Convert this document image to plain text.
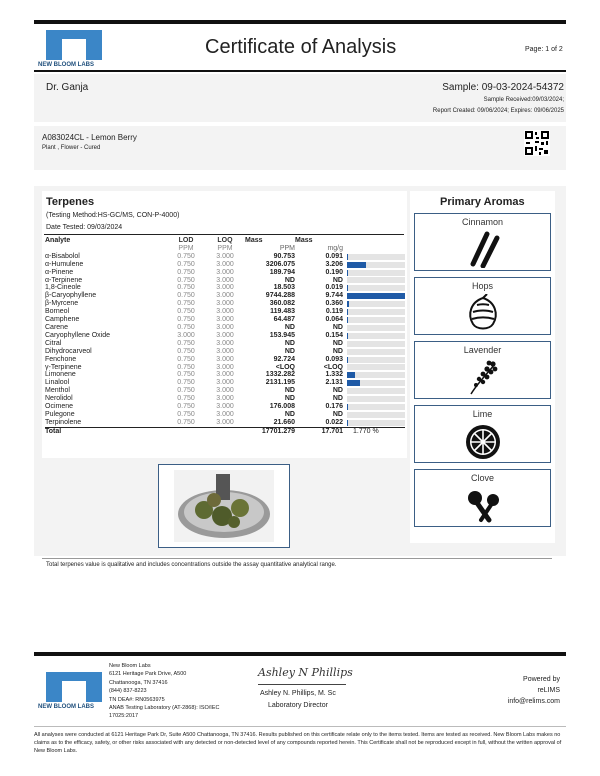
NEW BLOOM LABS
Certificate of Analysis	Page: 1 of 2
Dr. Ganja	Sample: 09-03-2024-54372
Sample Received:09/03/2024;
Report Created: 09/06/2024; Expires: 09/06/2025
A083024CL - Lemon Berry
Plant , Flower - Cured
Terpenes
(Testing Method:HS-GC/MS, CON-P-4000)
Date Tested: 09/03/2024
Analyte	LOD	LOQ	Mass	Mass	
	PPM	PPM	PPM	mg/g	
α-Bisabolol	0.750	3.000	90.753	0.091	

α-Humulene	0.750	3.000	3206.075	3.206	

α-Pinene	0.750	3.000	189.794	0.190	

α-Terpinene	0.750	3.000	ND	ND	

1,8-Cineole	0.750	3.000	18.503	0.019	

β-Caryophyllene	0.750	3.000	9744.288	9.744	

β-Myrcene	0.750	3.000	360.082	0.360	

Borneol	0.750	3.000	119.483	0.119	

Camphene	0.750	3.000	64.487	0.064	

Carene	0.750	3.000	ND	ND	

Caryophyllene Oxide	3.000	3.000	153.945	0.154	

Citral	0.750	3.000	ND	ND	

Dihydrocarveol	0.750	3.000	ND	ND	

Fenchone	0.750	3.000	92.724	0.093	

γ-Terpinene	0.750	3.000	<LOQ	<LOQ	

Limonene	0.750	3.000	1332.282	1.332	

Linalool	0.750	3.000	2131.195	2.131	

Menthol	0.750	3.000	ND	ND	

Nerolidol	0.750	3.000	ND	ND	

Ocimene	0.750	3.000	176.008	0.176	

Pulegone	0.750	3.000	ND	ND	

Terpinolene	0.750	3.000	21.660	0.022	

Total			17701.279	17.701	1.770 %
Primary Aromas
Cinnamon
Hops
Lavender
Lime
Clove
Total terpenes value is qualitative and includes concentrations outside the assay quantitative analytical range.
NEW BLOOM LABS
New Bloom Labs
6121 Heritage Park Drive, A500
Chattanooga, TN 37416
(844) 837-8223
TN DEA#: RN0563975
ANAB Testing Laboratory (AT-2868): ISO/IEC
17025:2017
Ashley N Phillips
Ashley N. Phillips, M. Sc
Laboratory Director
Powered by
reLIMS
info@relims.com
All analyses were conducted at 6121 Heritage Park Dr, Suite A500 Chattanooga, TN 37416. Results published on this certificate relate only to the items tested. Items are tested as received. New Bloom Labs makes no claims as to the efficacy, safety, or other risks associated with any detected or non-detected level of any compounds reported herein. This Certificate shall not be reproduced except in full, without the written approval of New Bloom Labs.
